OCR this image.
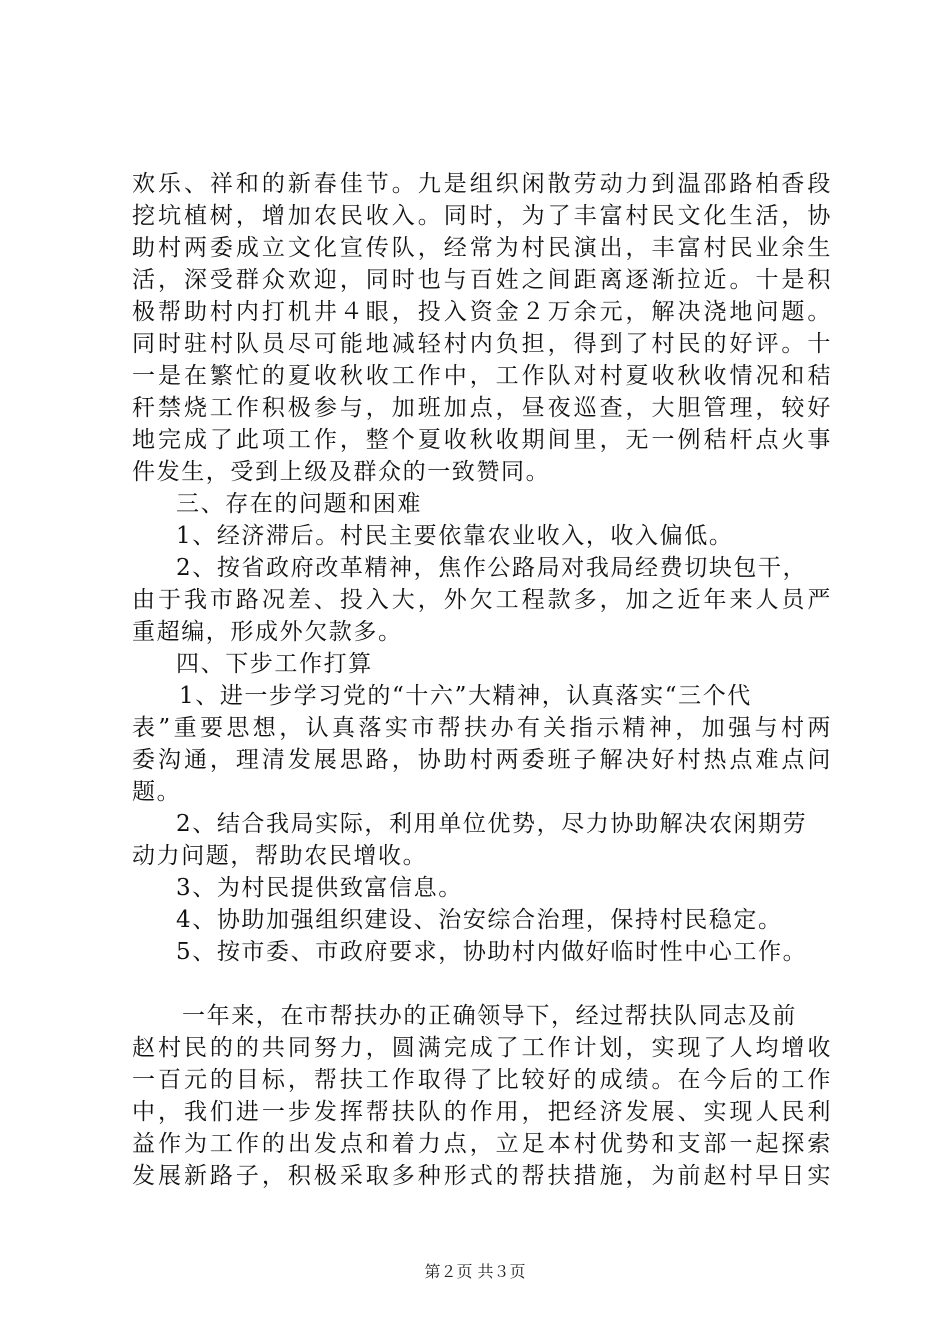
欢乐、祥和的新春佳节。九是组织闲散劳动力到温邵路柏香段

挖坑植树，增加农民收入。同时，为了丰富村民文化生活，协

助村两委成立文化宣传队，经常为村民演出，丰富村民业余生

活，深受群众欢迎，同时也与百姓之间距离逐渐拉近。十是积

极帮助村内打机井４眼，投入资金２万余元，解决浇地问题。

同时驻村队员尽可能地减轻村内负担，得到了村民的好评。十

一是在繁忙的夏收秋收工作中，工作队对村夏收秋收情况和秸

秆禁烧工作积极参与，加班加点，昼夜巡查，大胆管理，较好

地完成了此项工作，整个夏收秋收期间里，无一例秸杆点火事

件发生，受到上级及群众的一致赞同。

三、存在的问题和困难

1、经济滞后。村民主要依靠农业收入，收入偏低。

2、按省政府改革精神，焦作公路局对我局经费切块包干，

由于我市路况差、投入大，外欠工程款多，加之近年来人员严

重超编，形成外欠款多。

四、下步工作打算

1、进一步学习党的“十六”大精神，认真落实“三个代

表”重要思想，认真落实市帮扶办有关指示精神，加强与村两

委沟通，理清发展思路，协助村两委班子解决好村热点难点问

题。

2、结合我局实际，利用单位优势，尽力协助解决农闲期劳

动力问题，帮助农民增收。

3、为村民提供致富信息。

4、协助加强组织建设、治安综合治理，保持村民稳定。

5、按市委、市政府要求，协助村内做好临时性中心工作。

一年来，在市帮扶办的正确领导下，经过帮扶队同志及前

赵村民的的共同努力，圆满完成了工作计划，实现了人均增收

一百元的目标，帮扶工作取得了比较好的成绩。在今后的工作

中，我们进一步发挥帮扶队的作用，把经济发展、实现人民利

益作为工作的出发点和着力点，立足本村优势和支部一起探索

发展新路子，积极采取多种形式的帮扶措施，为前赵村早日实

第２页 共３页
